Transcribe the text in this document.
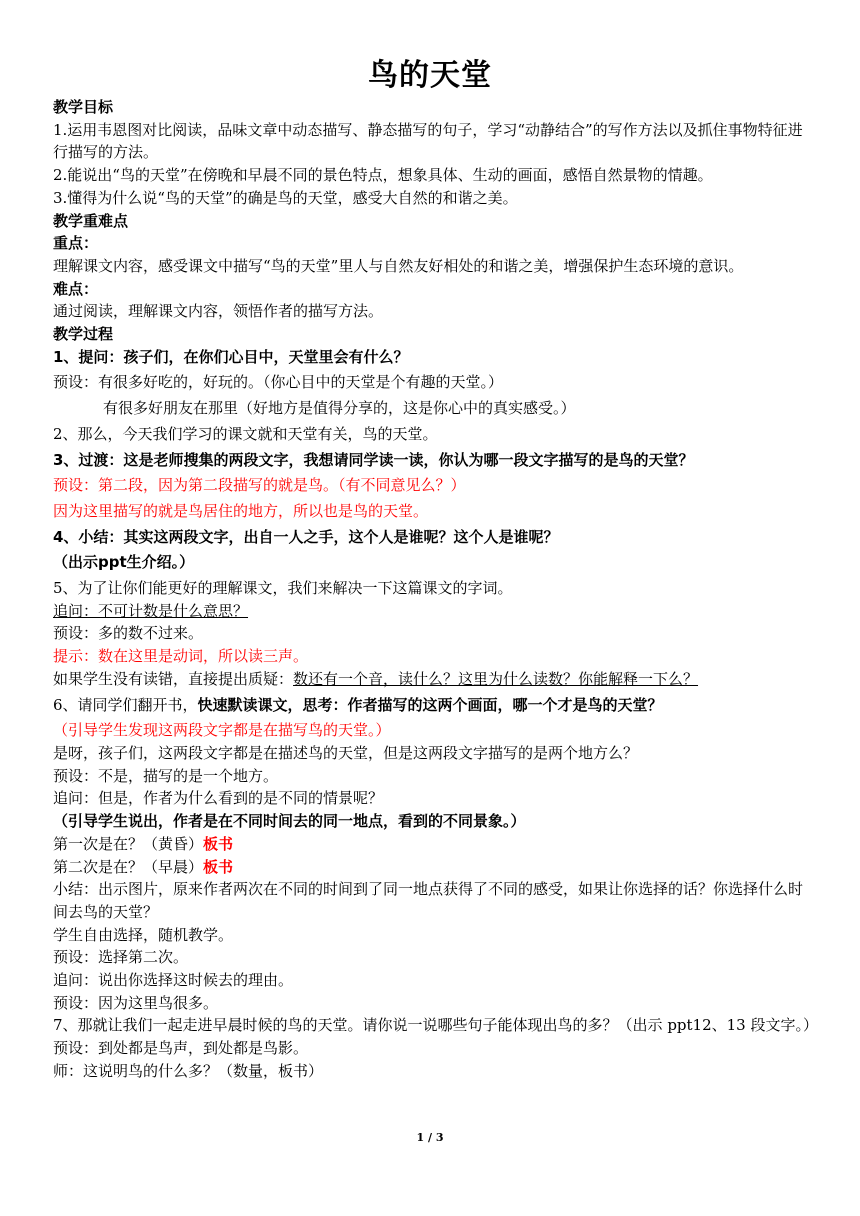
鸟的天堂
教学目标
1.运用韦恩图对比阅读，品味文章中动态描写、静态描写的句子，学习“动静结合”的写作方法以及抓住事物特征进行描写的方法。
2.能说出“鸟的天堂”在傍晚和早晨不同的景色特点，想象具体、生动的画面，感悟自然景物的情趣。
3.懂得为什么说“鸟的天堂”的确是鸟的天堂，感受大自然的和谐之美。
教学重难点
重点：
理解课文内容，感受课文中描写“鸟的天堂”里人与自然友好相处的和谐之美，增强保护生态环境的意识。
难点：
通过阅读，理解课文内容，领悟作者的描写方法。
教学过程
1、提问：孩子们，在你们心目中，天堂里会有什么？
预设：有很多好吃的，好玩的。（你心目中的天堂是个有趣的天堂。）
有很多好朋友在那里（好地方是值得分享的，这是你心中的真实感受。）
2、那么，今天我们学习的课文就和天堂有关，鸟的天堂。
3、过渡：这是老师搜集的两段文字，我想请同学读一读，你认为哪一段文字描写的是鸟的天堂？
预设：第二段，因为第二段描写的就是鸟。（有不同意见么？）
因为这里描写的就是鸟居住的地方，所以也是鸟的天堂。
4、小结：其实这两段文字，出自一人之手，这个人是谁呢？这个人是谁呢？
（出示ppt生介绍。）
5、为了让你们能更好的理解课文，我们来解决一下这篇课文的字词。
追问：不可计数是什么意思？
预设：多的数不过来。
提示：数在这里是动词，所以读三声。
如果学生没有读错，直接提出质疑：数还有一个音，读什么？这里为什么读数？你能解释一下么？
6、请同学们翻开书，快速默读课文，思考：作者描写的这两个画面，哪一个才是鸟的天堂？
（引导学生发现这两段文字都是在描写鸟的天堂。）
是呀，孩子们，这两段文字都是在描述鸟的天堂，但是这两段文字描写的是两个地方么？
预设：不是，描写的是一个地方。
追问：但是，作者为什么看到的是不同的情景呢？
（引导学生说出，作者是在不同时间去的同一地点，看到的不同景象。）
第一次是在？（黄昏）板书
第二次是在？（早晨）板书
小结：出示图片，原来作者两次在不同的时间到了同一地点获得了不同的感受，如果让你选择的话？你选择什么时间去鸟的天堂？
学生自由选择，随机教学。
预设：选择第二次。
追问：说出你选择这时候去的理由。
预设：因为这里鸟很多。
7、那就让我们一起走进早晨时候的鸟的天堂。请你说一说哪些句子能体现出鸟的多？（出示 ppt12、13 段文字。）
预设：到处都是鸟声，到处都是鸟影。
师：这说明鸟的什么多？（数量，板书）
1 / 3
